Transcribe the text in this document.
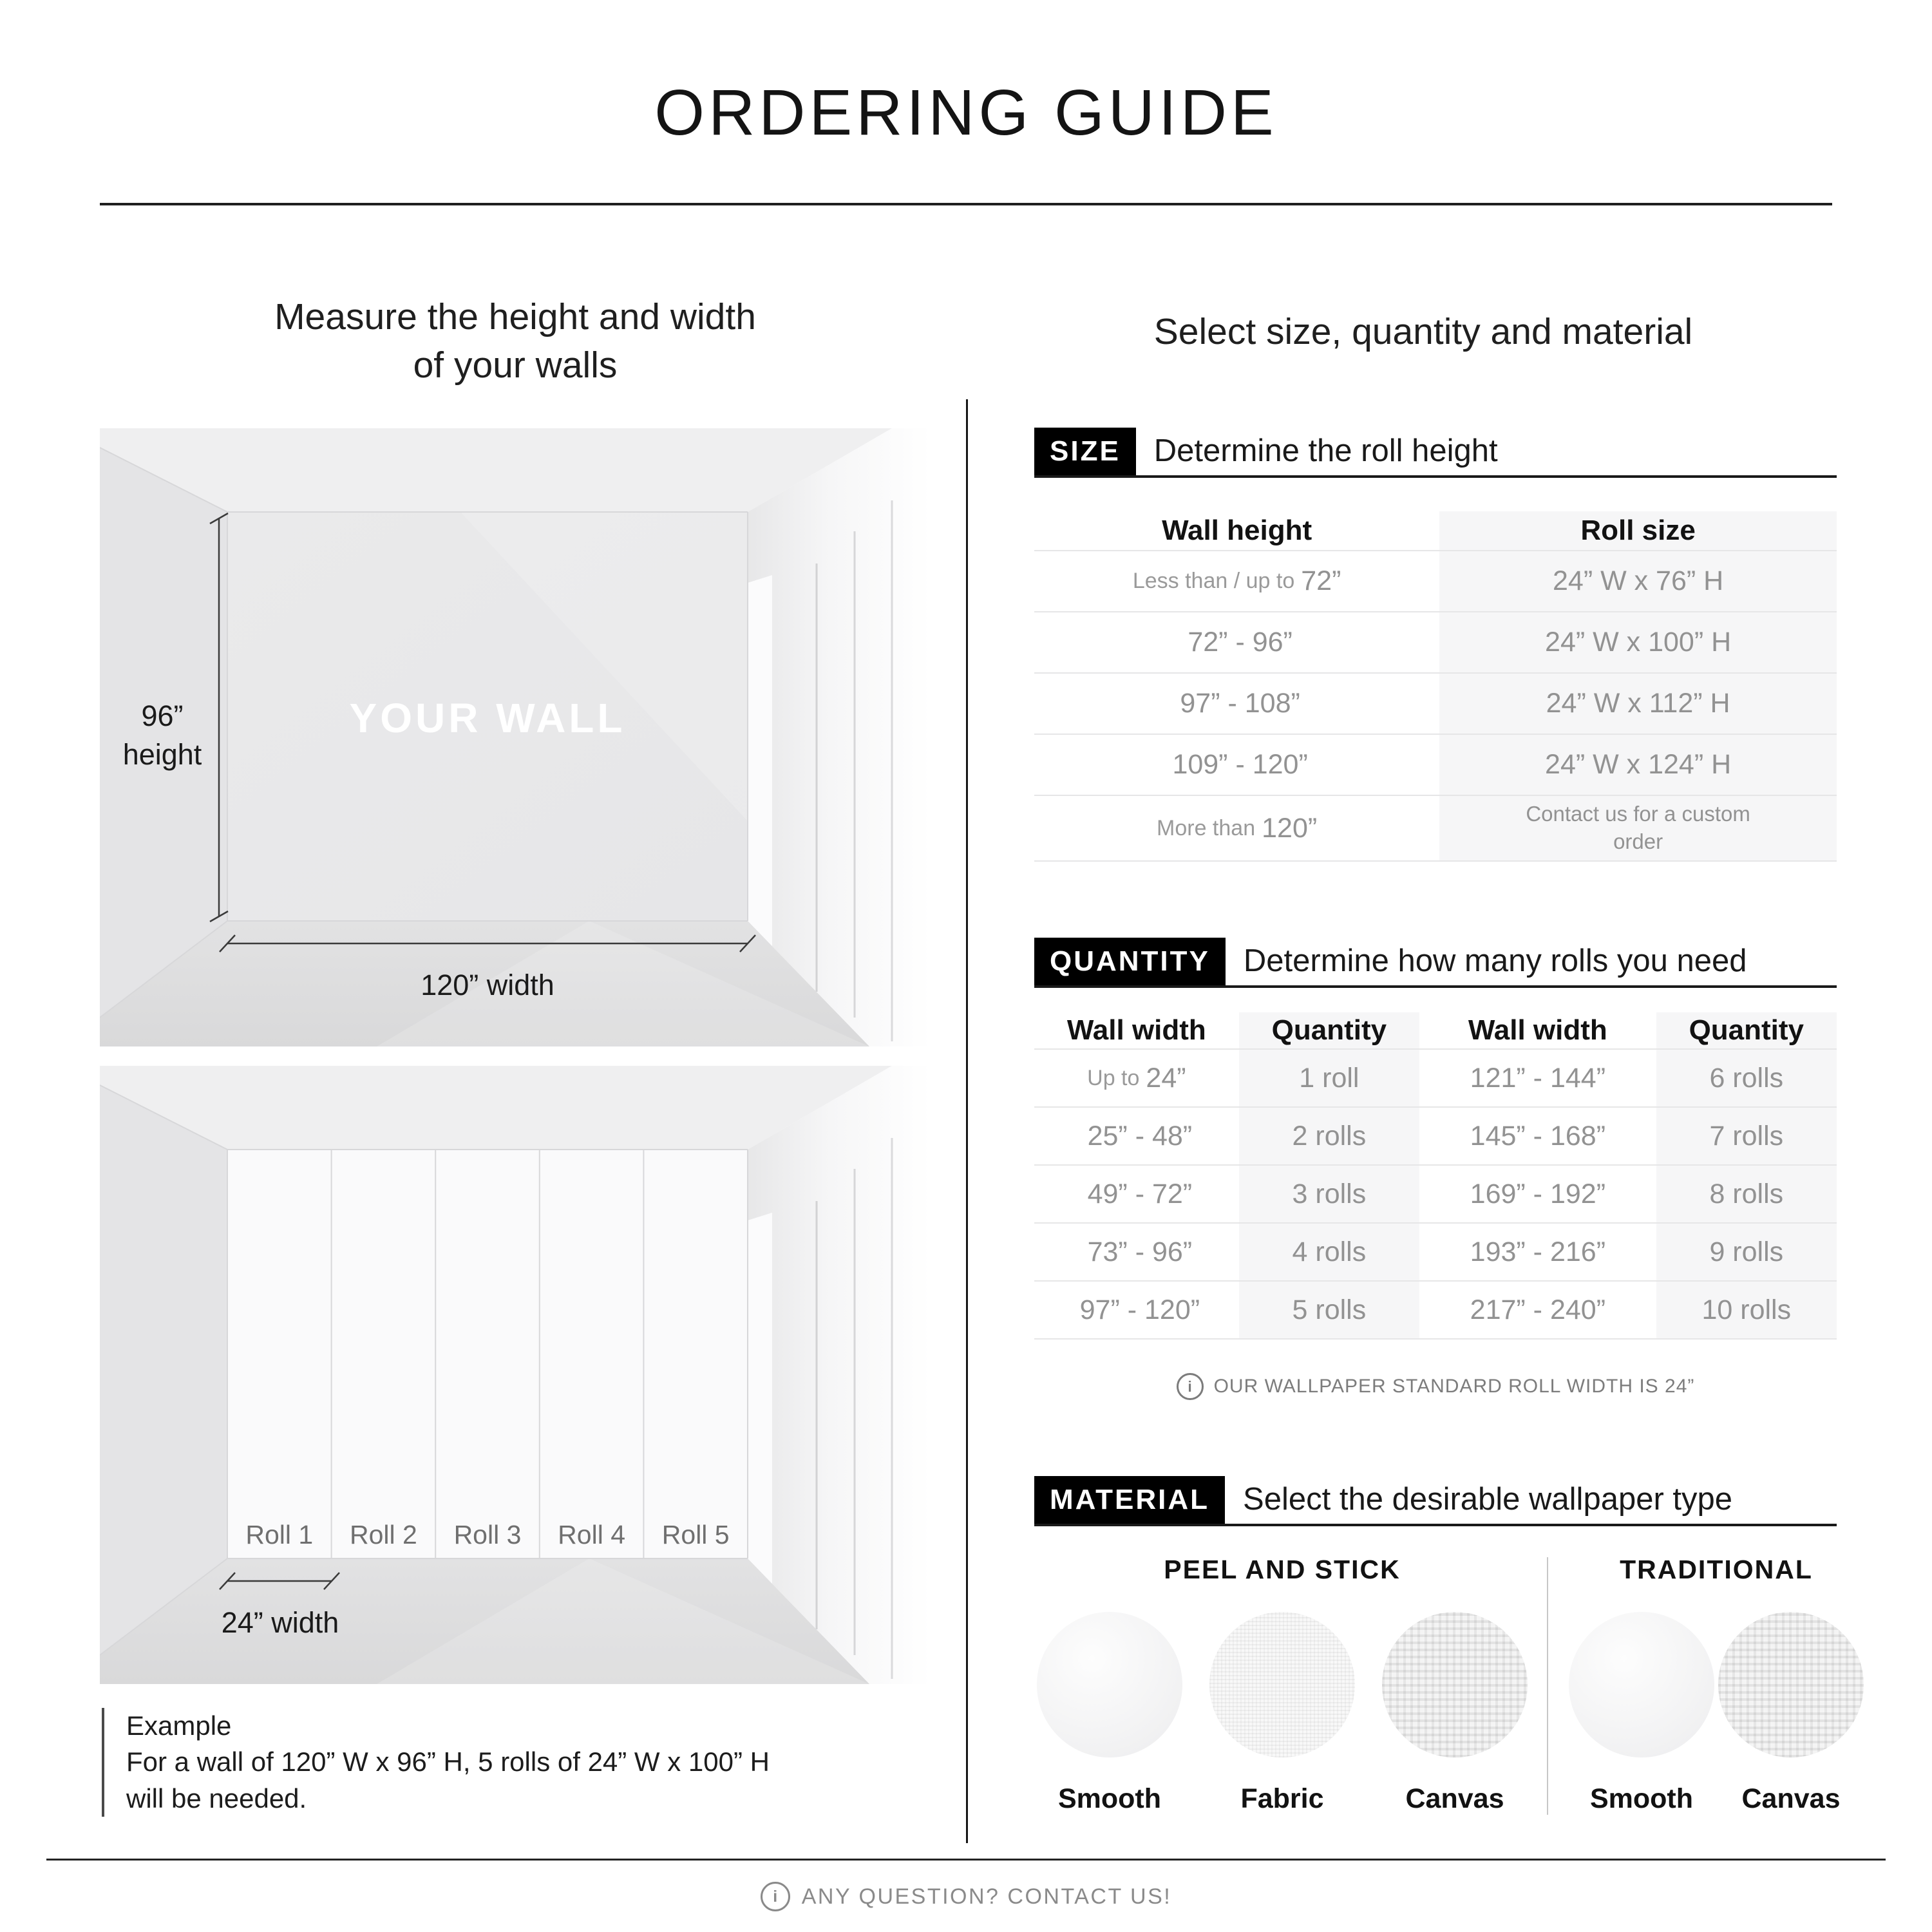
ORDERING GUIDE
Measure the height and width
of your walls
96”
height
YOUR WALL
120” width
Roll 1 Roll 2 Roll 3 Roll 4 Roll 5
24” width
Example
For a wall of 120” W x 96” H, 5 rolls of 24” W x 100” H
will be needed.
Select size, quantity and material
SIZE	Determine the roll height
Wall height	Roll size
Less than / up to 72”	24” W x 76” H
72” - 96”	24” W x 100” H
97” - 108”	24” W x 112” H
109” - 120”	24” W x 124” H
More than 120”	Contact us for a custom order
QUANTITY	Determine how many rolls you need
Wall width	Quantity	Wall width	Quantity
Up to 24”	1 roll	121” - 144”	6 rolls
25” - 48”	2 rolls	145” - 168”	7 rolls
49” - 72”	3 rolls	169” - 192”	8 rolls
73” - 96”	4 rolls	193” - 216”	9 rolls
97” - 120”	5 rolls	217” - 240”	10 rolls
i OUR WALLPAPER STANDARD ROLL WIDTH IS 24”
MATERIAL	Select the desirable wallpaper type
PEEL AND STICK
Smooth	Fabric	Canvas
TRADITIONAL
Smooth Canvas
i ANY QUESTION? CONTACT US!
